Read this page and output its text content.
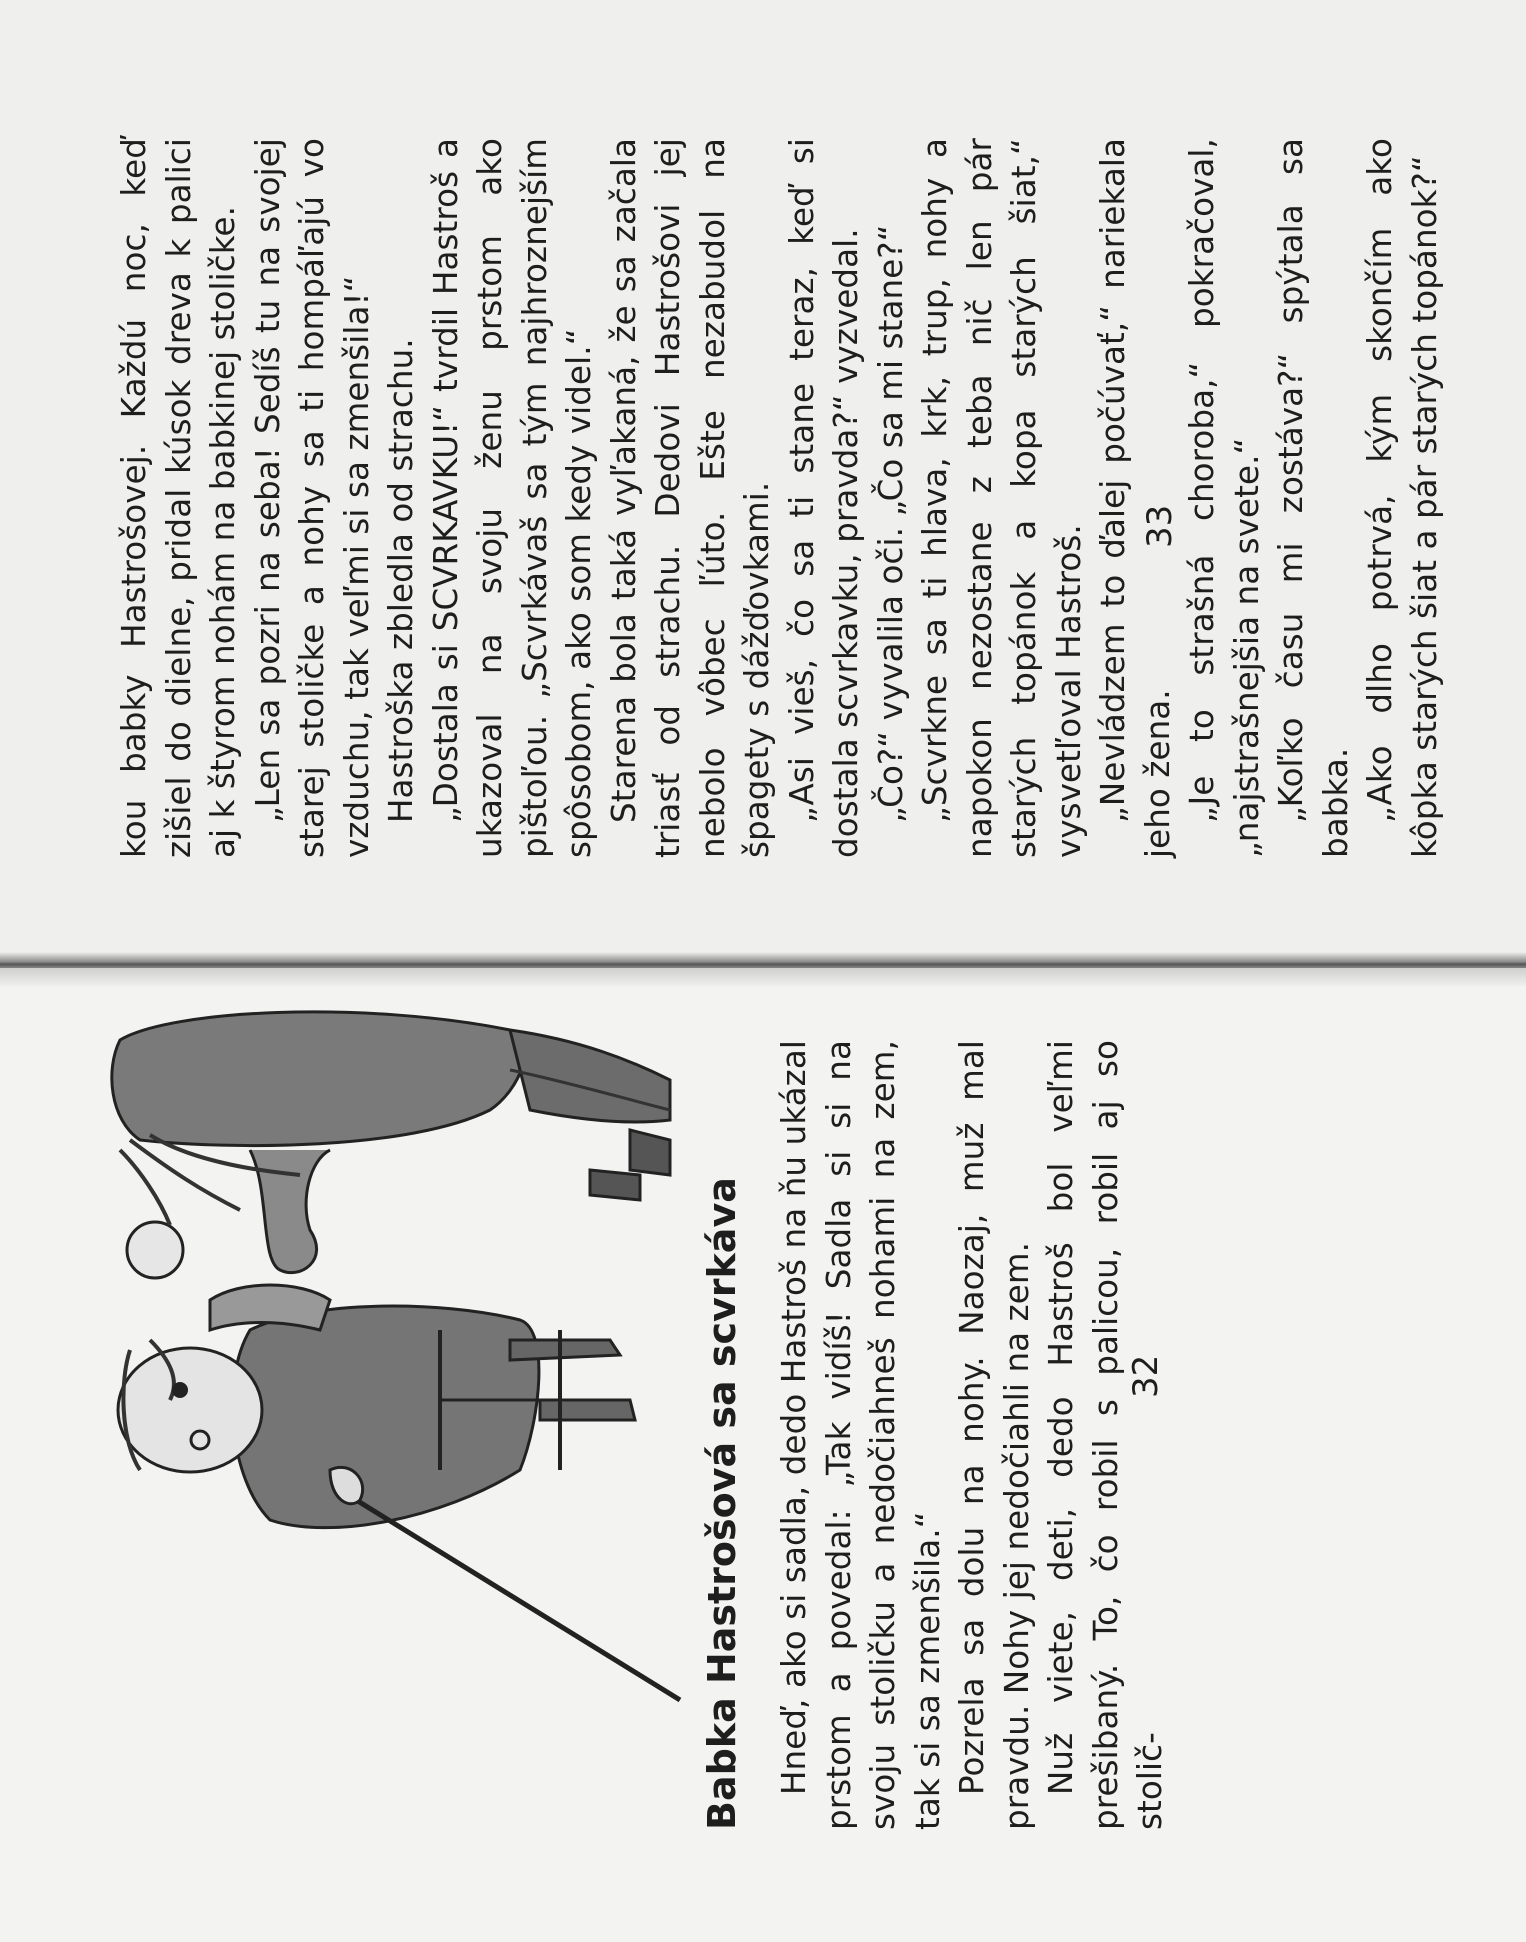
kou babky Hastrošovej. Každú noc, keď zišiel do dielne, pridal kúsok dreva k palici aj k štyrom nohám na babkinej stoličke. „Len sa pozri na seba! Sedíš tu na svojej starej stoličke a nohy sa ti hompáľajú vo vzduchu, tak veľmi si sa zmenšila!“ Hastroška zbledla od strachu. „Dostala si SCVRKAVKU!“ tvrdil Hastroš a ukazoval na svoju ženu prstom ako pištoľou. „Scvrkávaš sa tým najhroznejším spôsobom, ako som kedy videl.“ Starena bola taká vyľakaná, že sa začala triasť od strachu. Dedovi Hastrošovi jej nebolo vôbec ľúto. Ešte nezabudol na špagety s dážďovkami. „Asi vieš, čo sa ti stane teraz, keď si dostala scvrkavku, pravda?“ vyzvedal. „Čo?“ vyvalila oči. „Čo sa mi stane?“ „Scvrkne sa ti hlava, krk, trup, nohy a napokon nezostane z teba nič len pár starých topánok a kopa starých šiat,“ vysvetľoval Hastroš. „Nevládzem to ďalej počúvať,“ nariekala jeho žena. „Je to strašná choroba,“ pokračoval, „najstrašnejšia na svete.“ „Koľko času mi zostáva?“ spýtala sa babka. „Ako dlho potrvá, kým skončím ako kôpka starých šiat a pár starých topánok?“

33
Babka Hastrošová sa scvrkáva Hneď, ako si sadla, dedo Hastroš na ňu ukázal prstom a povedal: „Tak vidíš! Sadla si si na svoju stoličku a nedočiahneš nohami na zem, tak si sa zmenšila.“ Pozrela sa dolu na nohy. Naozaj, muž mal pravdu. Nohy jej nedočiahli na zem. Nuž viete, deti, dedo Hastroš bol veľmi prešibaný. To, čo robil s palicou, robil aj so stolič-

32
